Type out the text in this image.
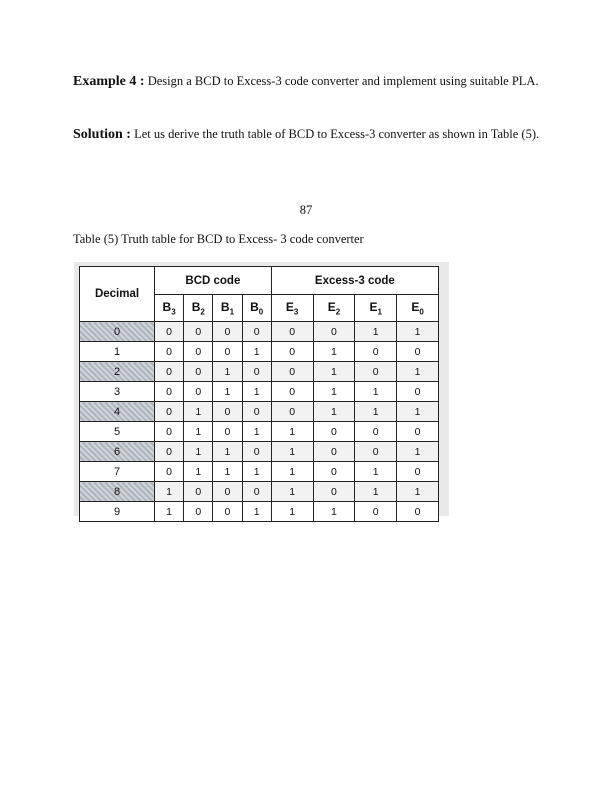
Example 4 : Design a BCD to Excess-3 code converter and implement using suitable PLA.

Solution : Let us derive the truth table of BCD to Excess-3 converter as shown in Table (5).

87
Table (5) Truth table for BCD to Excess- 3 code converter
Decimal	BCD code				Excess-3 code			
	$B_3$	$B_2$	$B_1$	$B_0$	$E_3$	$E_2$	$E_1$	$E_0$
0	0	0	0	0	0	0	1	1
1	0	0	0	1	0	1	0	0
2	0	0	1	0	0	1	0	1
3	0	0	1	1	0	1	1	0
4	0	1	0	0	0	1	1	1
5	0	1	0	1	1	0	0	0
6	0	1	1	0	1	0	0	1
7	0	1	1	1	1	0	1	0
8	1	0	0	0	1	0	1	1
9	1	0	0	1	1	1	0	0
